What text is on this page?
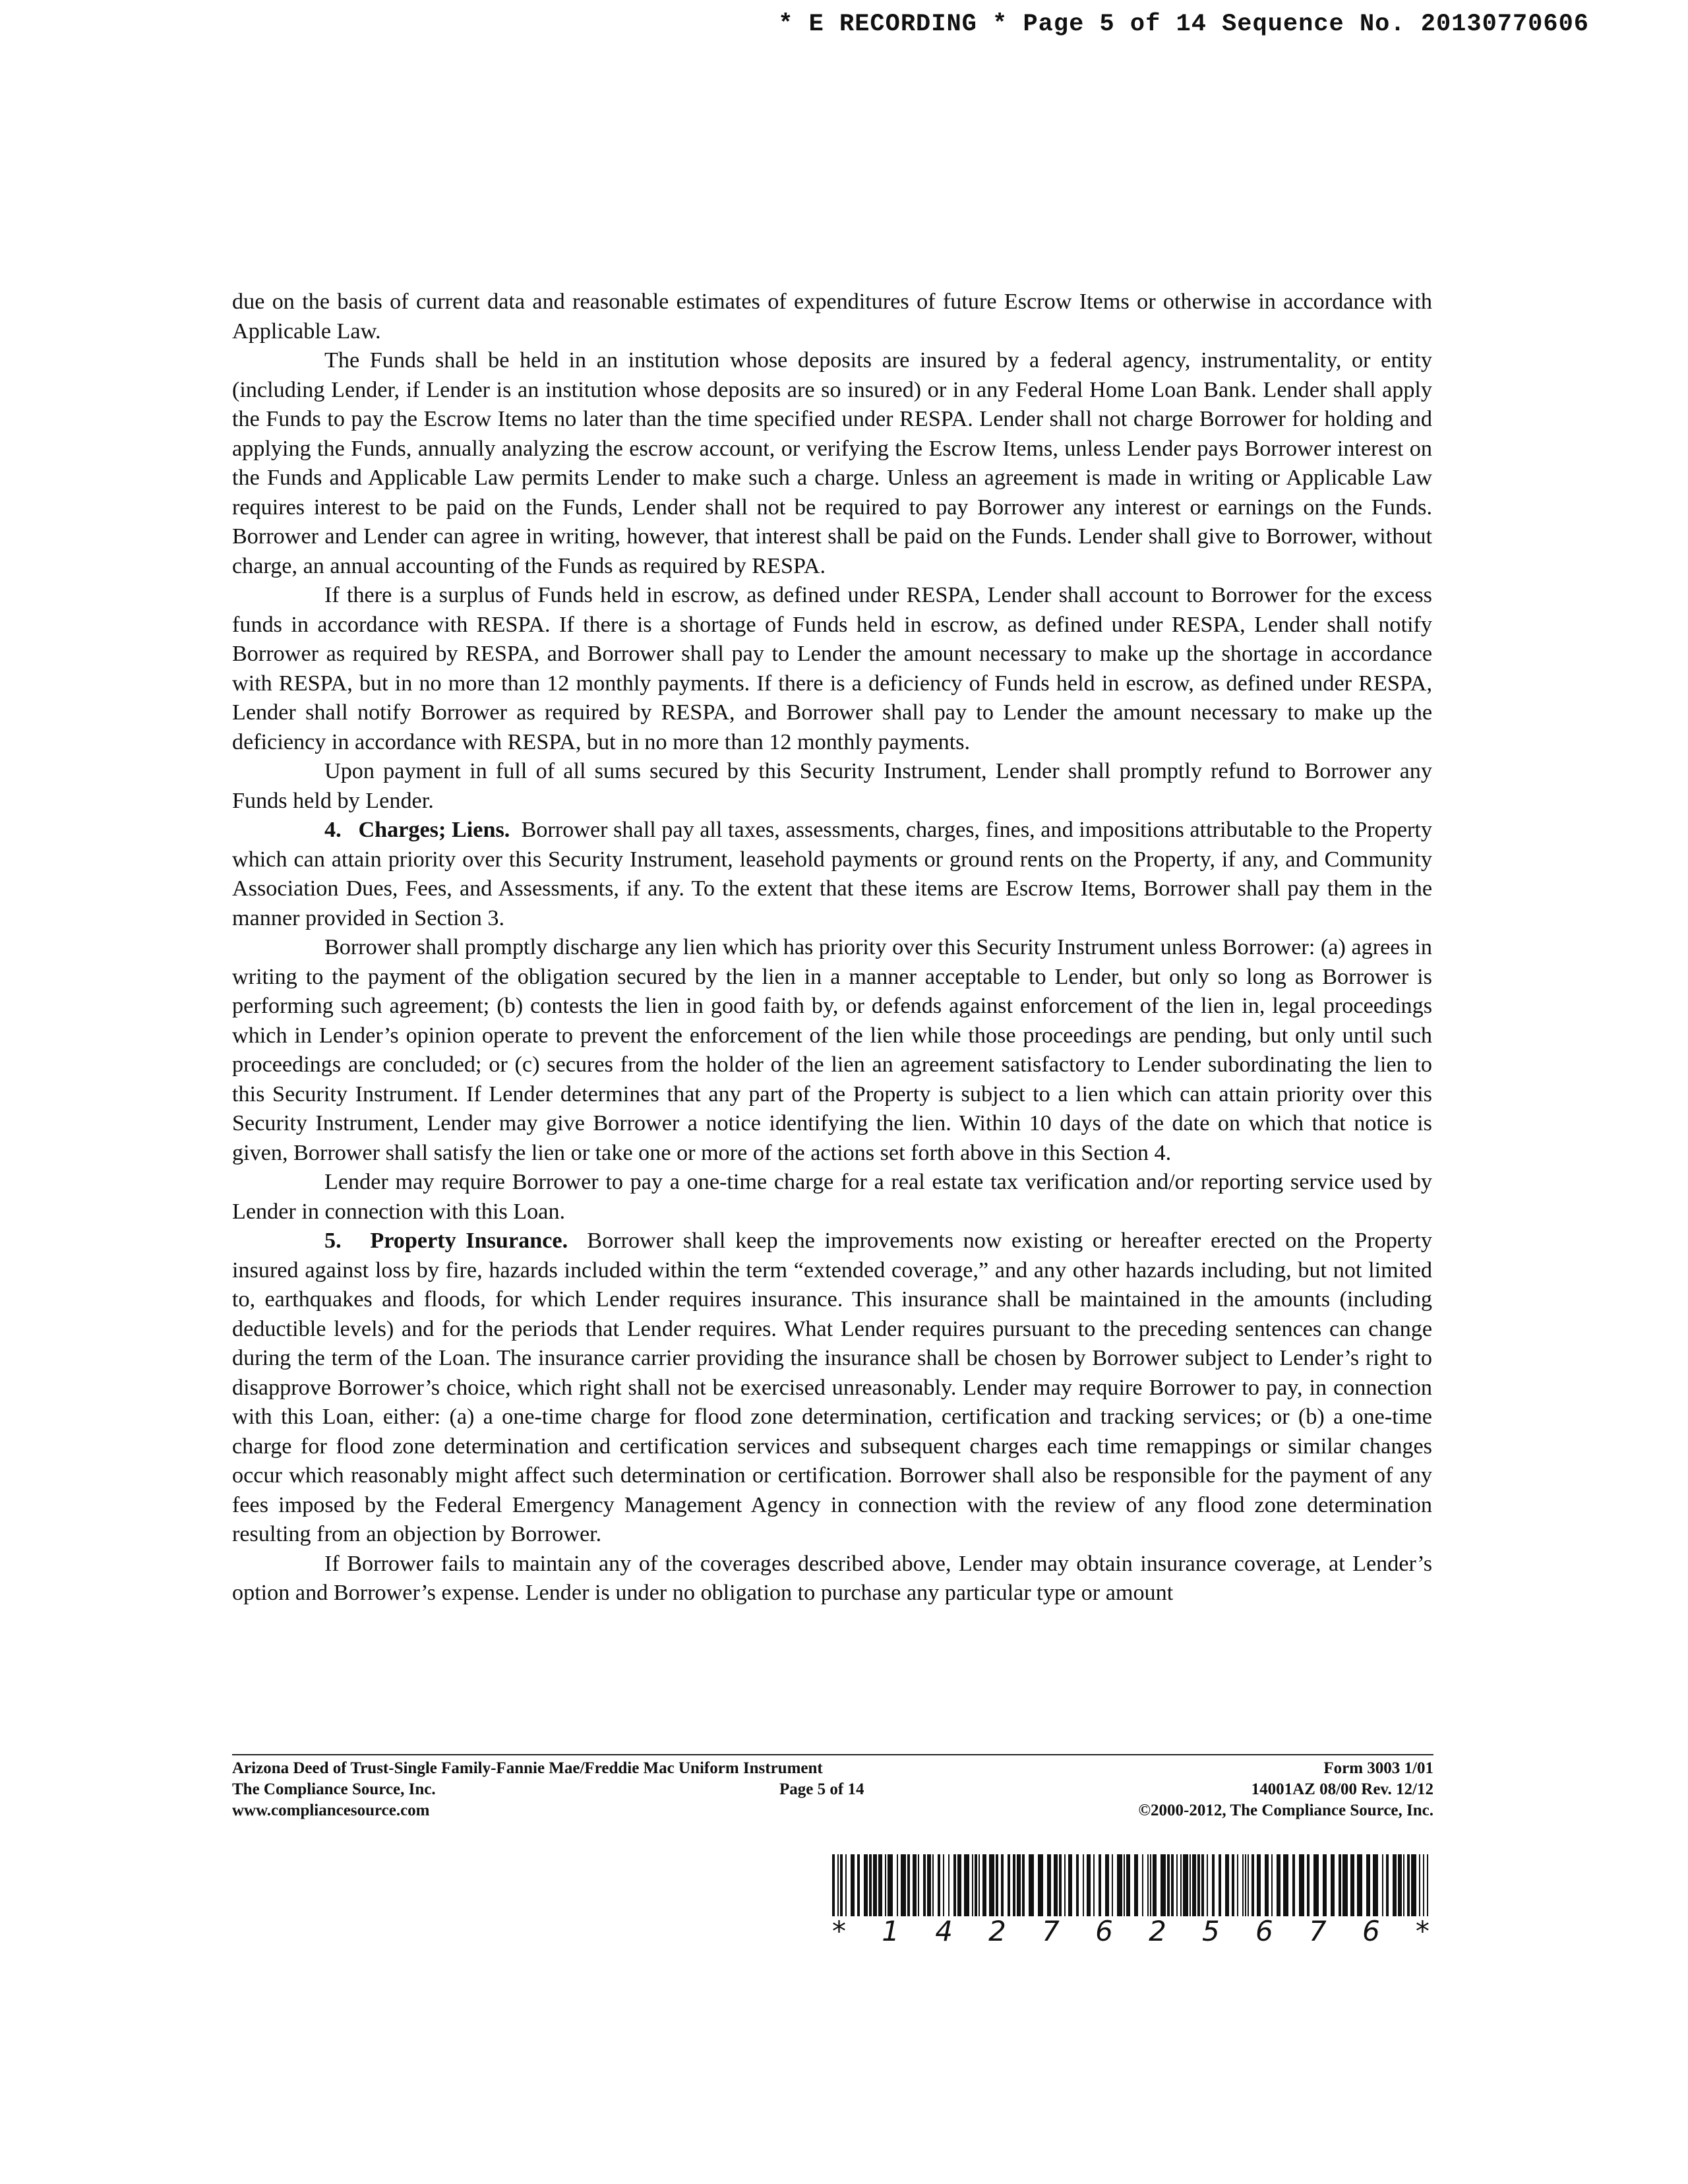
* E RECORDING * Page 5 of 14 Sequence No. 20130770606

due on the basis of current data and reasonable estimates of expenditures of future Escrow Items or otherwise in accordance with Applicable Law.

The Funds shall be held in an institution whose deposits are insured by a federal agency, instrumentality, or entity (including Lender, if Lender is an institution whose deposits are so insured) or in any Federal Home Loan Bank. Lender shall apply the Funds to pay the Escrow Items no later than the time specified under RESPA. Lender shall not charge Borrower for holding and applying the Funds, annually analyzing the escrow account, or verifying the Escrow Items, unless Lender pays Borrower interest on the Funds and Applicable Law permits Lender to make such a charge. Unless an agreement is made in writing or Applicable Law requires interest to be paid on the Funds, Lender shall not be required to pay Borrower any interest or earnings on the Funds. Borrower and Lender can agree in writing, however, that interest shall be paid on the Funds. Lender shall give to Borrower, without charge, an annual accounting of the Funds as required by RESPA.

If there is a surplus of Funds held in escrow, as defined under RESPA, Lender shall account to Borrower for the excess funds in accordance with RESPA. If there is a shortage of Funds held in escrow, as defined under RESPA, Lender shall notify Borrower as required by RESPA, and Borrower shall pay to Lender the amount necessary to make up the shortage in accordance with RESPA, but in no more than 12 monthly payments. If there is a deficiency of Funds held in escrow, as defined under RESPA, Lender shall notify Borrower as required by RESPA, and Borrower shall pay to Lender the amount necessary to make up the deficiency in accordance with RESPA, but in no more than 12 monthly payments.

Upon payment in full of all sums secured by this Security Instrument, Lender shall promptly refund to Borrower any Funds held by Lender.

4. Charges; Liens. Borrower shall pay all taxes, assessments, charges, fines, and impositions attributable to the Property which can attain priority over this Security Instrument, leasehold payments or ground rents on the Property, if any, and Community Association Dues, Fees, and Assessments, if any. To the extent that these items are Escrow Items, Borrower shall pay them in the manner provided in Section 3.

Borrower shall promptly discharge any lien which has priority over this Security Instrument unless Borrower: (a) agrees in writing to the payment of the obligation secured by the lien in a manner acceptable to Lender, but only so long as Borrower is performing such agreement; (b) contests the lien in good faith by, or defends against enforcement of the lien in, legal proceedings which in Lender’s opinion operate to prevent the enforcement of the lien while those proceedings are pending, but only until such proceedings are concluded; or (c) secures from the holder of the lien an agreement satisfactory to Lender subordinating the lien to this Security Instrument. If Lender determines that any part of the Property is subject to a lien which can attain priority over this Security Instrument, Lender may give Borrower a notice identifying the lien. Within 10 days of the date on which that notice is given, Borrower shall satisfy the lien or take one or more of the actions set forth above in this Section 4.

Lender may require Borrower to pay a one-time charge for a real estate tax verification and/or reporting service used by Lender in connection with this Loan.

5. Property Insurance. Borrower shall keep the improvements now existing or hereafter erected on the Property insured against loss by fire, hazards included within the term “extended coverage,” and any other hazards including, but not limited to, earthquakes and floods, for which Lender requires insurance. This insurance shall be maintained in the amounts (including deductible levels) and for the periods that Lender requires. What Lender requires pursuant to the preceding sentences can change during the term of the Loan. The insurance carrier providing the insurance shall be chosen by Borrower subject to Lender’s right to disapprove Borrower’s choice, which right shall not be exercised unreasonably. Lender may require Borrower to pay, in connection with this Loan, either: (a) a one-time charge for flood zone determination, certification and tracking services; or (b) a one-time charge for flood zone determination and certification services and subsequent charges each time remappings or similar changes occur which reasonably might affect such determination or certification. Borrower shall also be responsible for the payment of any fees imposed by the Federal Emergency Management Agency in connection with the review of any flood zone determination resulting from an objection by Borrower.

If Borrower fails to maintain any of the coverages described above, Lender may obtain insurance coverage, at Lender’s option and Borrower’s expense. Lender is under no obligation to purchase any particular type or amount

Arizona Deed of Trust-Single Family-Fannie Mae/Freddie Mac Uniform Instrument	Form 3003 1/01
The Compliance Source, Inc.	Page 5 of 14	14001AZ 08/00 Rev. 12/12
www.compliancesource.com	©2000-2012, The Compliance Source, Inc.
* 1 4 2 7 6 2 5 6 7 6 *
